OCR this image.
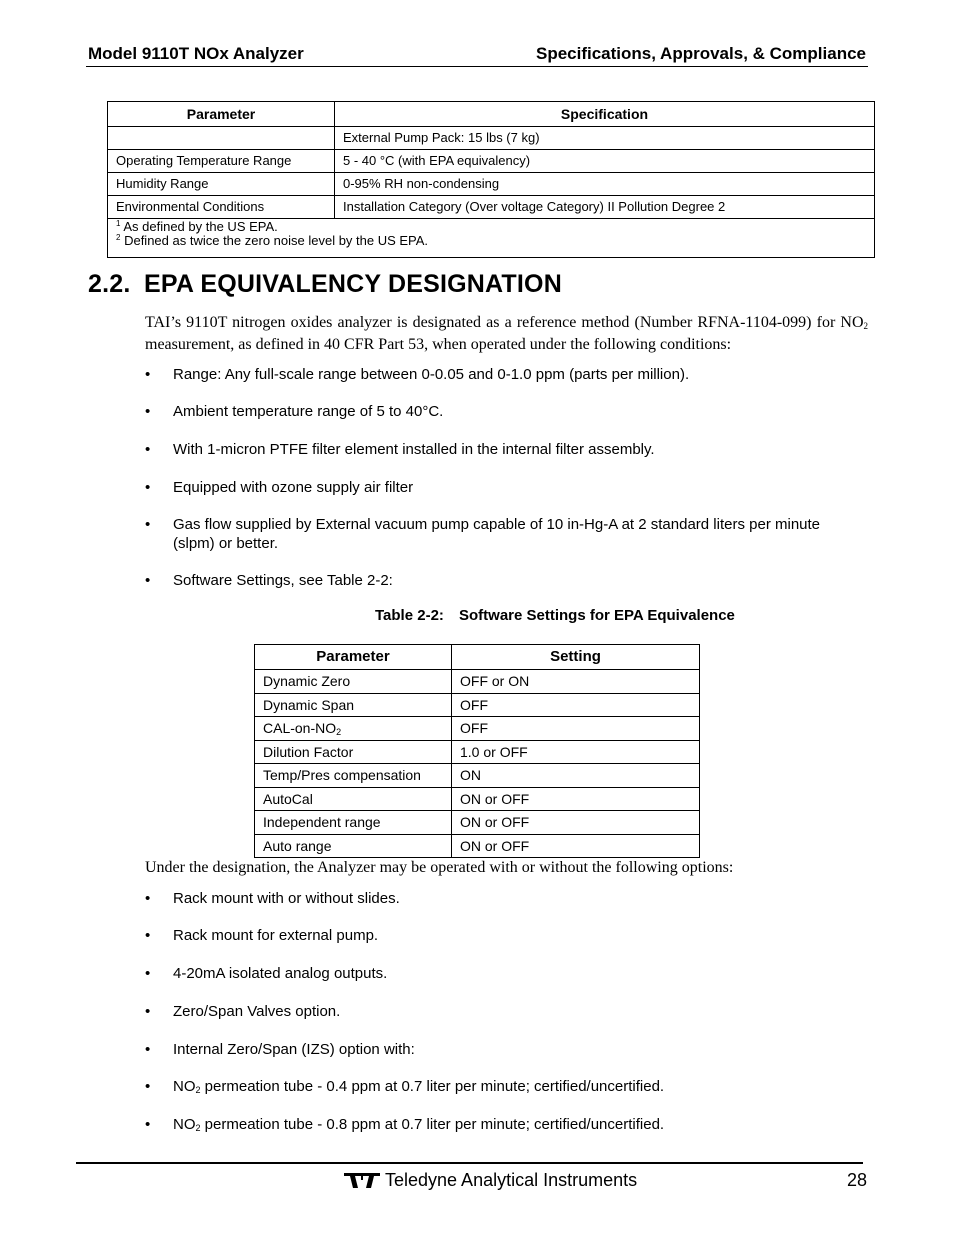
Model 9110T NOx Analyzer	Specifications, Approvals, & Compliance
Parameter	Specification
	External Pump Pack: 15 lbs (7 kg)
Operating Temperature Range	5 - 40 °C (with EPA equivalency)
Humidity Range	0-95% RH non-condensing
Environmental Conditions	Installation Category (Over voltage Category) II Pollution Degree 2

$^1$ As defined by the US EPA.
$^2$ Defined as twice the zero noise level by the US EPA.	
2.2. EPA EQUIVALENCY DESIGNATION
TAI’s 9110T nitrogen oxides analyzer is designated as a reference method (Number RFNA-1104-099) for $NO_2$ measurement, as defined in 40 CFR Part 53, when operated under the following conditions:
• Range: Any full-scale range between 0-0.05 and 0-1.0 ppm (parts per million).
• Ambient temperature range of 5 to 40°C.
• With 1-micron PTFE filter element installed in the internal filter assembly.
• Equipped with ozone supply air filter
• Gas flow supplied by External vacuum pump capable of 10 in-Hg-A at 2 standard liters per minute (slpm) or better.
• Software Settings, see Table 2-2:
Table 2-2: Software Settings for EPA Equivalence
Parameter	Setting
Dynamic Zero	OFF or ON
Dynamic Span	OFF
CAL-$on-NO_2$	OFF
Dilution Factor	1.0 or OFF
Temp/Pres compensation	ON
AutoCal	ON or OFF
Independent range	ON or OFF
Auto range	ON or OFF
Under the designation, the Analyzer may be operated with or without the following options:
• Rack mount with or without slides.
• Rack mount for external pump.
• 4-20mA isolated analog outputs.
• Zero/Span Valves option.
• Internal Zero/Span (IZS) option with:
• $NO_2$ permeation tube - 0.4 ppm at 0.7 liter per minute; certified/uncertified.
• $NO_2$ permeation tube - 0.8 ppm at 0.7 liter per minute; certified/uncertified.
Teledyne Analytical Instruments	28
